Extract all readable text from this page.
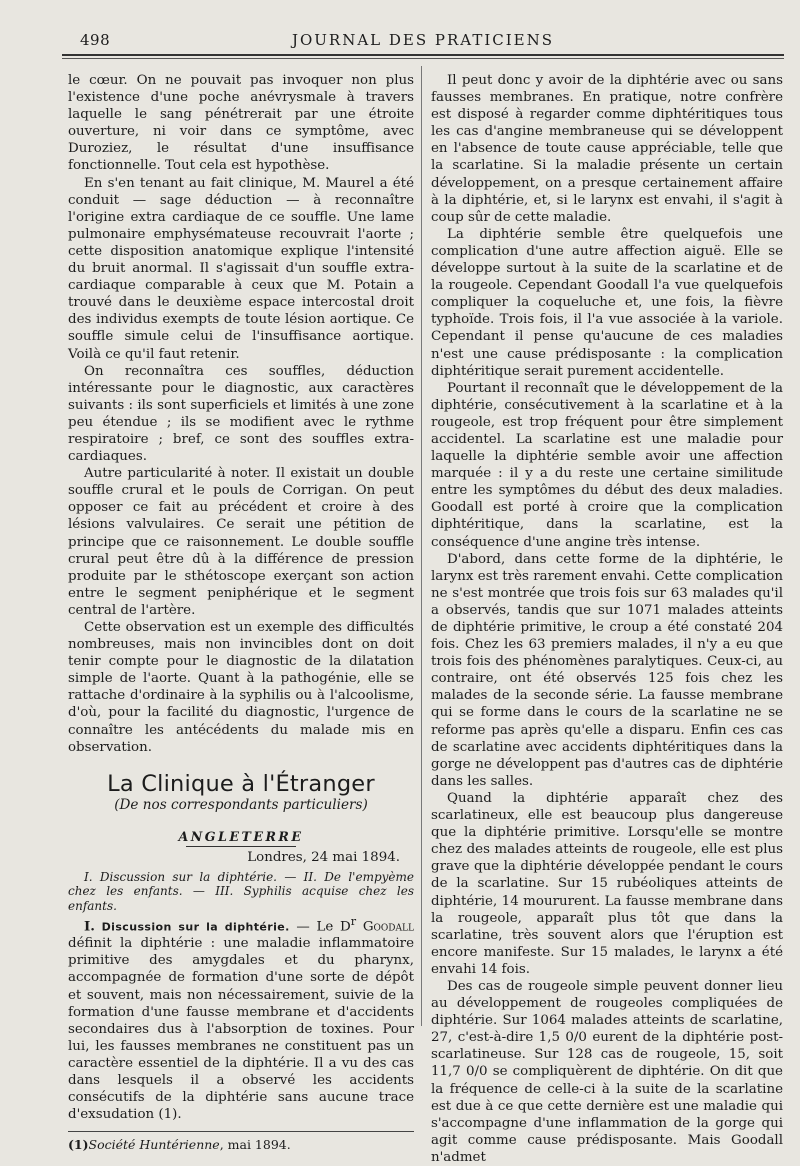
498	JOURNAL DES PRATICIENS

le cœur. On ne pouvait pas invoquer non plus l'existence d'une poche anévrysmale à travers laquelle le sang pénétrerait par une étroite ouverture, ni voir dans ce symptôme, avec Duroziez, le résultat d'une insuffisance fonctionnelle. Tout cela est hypothèse.

En s'en tenant au fait clinique, M. Maurel a été conduit — sage déduction — à reconnaître l'origine extra cardiaque de ce souffle. Une lame pulmonaire emphysémateuse recouvrait l'aorte ; cette disposition anatomique explique l'intensité du bruit anormal. Il s'agissait d'un souffle extra-cardiaque comparable à ceux que M. Potain a trouvé dans le deuxième espace intercostal droit des individus exempts de toute lésion aortique. Ce souffle simule celui de l'insuffisance aortique. Voilà ce qu'il faut retenir.

On reconnaîtra ces souffles, déduction intéressante pour le diagnostic, aux caractères suivants : ils sont superficiels et limités à une zone peu étendue ; ils se modifient avec le rythme respiratoire ; bref, ce sont des souffles extra-cardiaques.

Autre particularité à noter. Il existait un double souffle crural et le pouls de Corrigan. On peut opposer ce fait au précédent et croire à des lésions valvulaires. Ce serait une pétition de principe que ce raisonnement. Le double souffle crural peut être dû à la différence de pression produite par le sthétoscope exerçant son action entre le segment peniphérique et le segment central de l'artère.

Cette observation est un exemple des difficultés nombreuses, mais non invincibles dont on doit tenir compte pour le diagnostic de la dilatation simple de l'aorte. Quant à la pathogénie, elle se rattache d'ordinaire à la syphilis ou à l'alcoolisme, d'où, pour la facilité du diagnostic, l'urgence de connaître les antécédents du malade mis en observation.

La Clinique à l'Étranger
(De nos correspondants particuliers)
ANGLETERRE
Londres, 24 mai 1894.

I. Discussion sur la diphtérie. — II. De l'empyème chez les enfants. — III. Syphilis acquise chez les enfants.

I. Discussion sur la diphtérie. — Le $D^r$ Goodall définit la diphtérie : une maladie inflammatoire primitive des amygdales et du pharynx, accompagnée de formation d'une sorte de dépôt et souvent, mais non nécessairement, suivie de la formation d'une fausse membrane et d'accidents secondaires dus à l'absorption de toxines. Pour lui, les fausses membranes ne constituent pas un caractère essentiel de la diphtérie. Il a vu des cas dans lesquels il a observé les accidents consécutifs de la diphtérie sans aucune trace d'exsudation (1).

(1)Société Huntérienne, mai 1894.

Il peut donc y avoir de la diphtérie avec ou sans fausses membranes. En pratique, notre confrère est disposé à regarder comme diphtéritiques tous les cas d'angine membraneuse qui se développent en l'absence de toute cause appréciable, telle que la scarlatine. Si la maladie présente un certain développement, on a presque certainement affaire à la diphtérie, et, si le larynx est envahi, il s'agit à coup sûr de cette maladie.

La diphtérie semble être quelquefois une complication d'une autre affection aiguë. Elle se développe surtout à la suite de la scarlatine et de la rougeole. Cependant Goodall l'a vue quelquefois compliquer la coqueluche et, une fois, la fièvre typhoïde. Trois fois, il l'a vue associée à la variole. Cependant il pense qu'aucune de ces maladies n'est une cause prédisposante : la complication diphtéritique serait purement accidentelle.

Pourtant il reconnaît que le développement de la diphtérie, consécutivement à la scarlatine et à la rougeole, est trop fréquent pour être simplement accidentel. La scarlatine est une maladie pour laquelle la diphtérie semble avoir une affection marquée : il y a du reste une certaine similitude entre les symptômes du début des deux maladies. Goodall est porté à croire que la complication diphtéritique, dans la scarlatine, est la conséquence d'une angine très intense.

D'abord, dans cette forme de la diphtérie, le larynx est très rarement envahi. Cette complication ne s'est montrée que trois fois sur 63 malades qu'il a observés, tandis que sur 1071 malades atteints de diphtérie primitive, le croup a été constaté 204 fois. Chez les 63 premiers malades, il n'y a eu que trois fois des phénomènes paralytiques. Ceux-ci, au contraire, ont été observés 125 fois chez les malades de la seconde série. La fausse membrane qui se forme dans le cours de la scarlatine ne se reforme pas après qu'elle a disparu. Enfin ces cas de scarlatine avec accidents diphtéritiques dans la gorge ne développent pas d'autres cas de diphtérie dans les salles.

Quand la diphtérie apparaît chez des scarlatineux, elle est beaucoup plus dangereuse que la diphtérie primitive. Lorsqu'elle se montre chez des malades atteints de rougeole, elle est plus grave que la diphtérie développée pendant le cours de la scarlatine. Sur 15 rubéoliques atteints de diphtérie, 14 moururent. La fausse membrane dans la rougeole, apparaît plus tôt que dans la scarlatine, très souvent alors que l'éruption est encore manifeste. Sur 15 malades, le larynx a été envahi 14 fois.

Des cas de rougeole simple peuvent donner lieu au développement de rougeoles compliquées de diphtérie. Sur 1064 malades atteints de scarlatine, 27, c'est-à-dire 1,5 0/0 eurent de la diphtérie post-scarlatineuse. Sur 128 cas de rougeole, 15, soit 11,7 0/0 se compliquèrent de diphtérie. On dit que la fréquence de celle-ci à la suite de la scarlatine est due à ce que cette dernière est une maladie qui s'accompagne d'une inflammation de la gorge qui agit comme cause prédisposante. Mais Goodall n'admet
